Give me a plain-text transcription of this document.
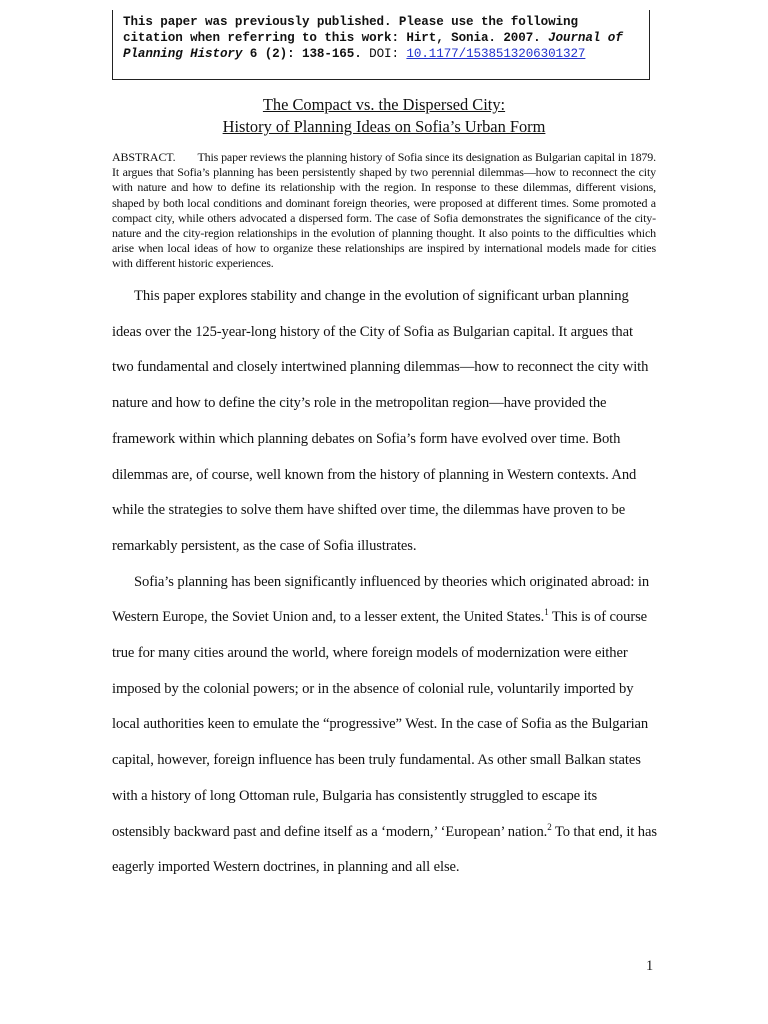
This paper was previously published. Please use the following
citation when referring to this work: Hirt, Sonia. 2007. Journal of
Planning History 6 (2): 138-165. DOI: 10.1177/1538513206301327
The Compact vs. the Dispersed City:
History of Planning Ideas on Sofia’s Urban Form
ABSTRACT. This paper reviews the planning history of Sofia since its designation as Bulgarian capital in 1879. It argues that Sofia’s planning has been persistently shaped by two perennial dilemmas—how to reconnect the city with nature and how to define its relationship with the region. In response to these dilemmas, different visions, shaped by both local conditions and dominant foreign theories, were proposed at different times. Some promoted a compact city, while others advocated a dispersed form. The case of Sofia demonstrates the significance of the city-nature and the city-region relationships in the evolution of planning thought. It also points to the difficulties which arise when local ideas of how to organize these relationships are inspired by international models made for cities with different historic experiences.

This paper explores stability and change in the evolution of significant urban planning ideas over the 125-year-long history of the City of Sofia as Bulgarian capital. It argues that two fundamental and closely intertwined planning dilemmas—how to reconnect the city with nature and how to define the city’s role in the metropolitan region—have provided the framework within which planning debates on Sofia’s form have evolved over time. Both dilemmas are, of course, well known from the history of planning in Western contexts. And while the strategies to solve them have shifted over time, the dilemmas have proven to be remarkably persistent, as the case of Sofia illustrates.

Sofia’s planning has been significantly influenced by theories which originated abroad: in Western Europe, the Soviet Union and, to a lesser extent, the United States.$^1$ This is of course true for many cities around the world, where foreign models of modernization were either imposed by the colonial powers; or in the absence of colonial rule, voluntarily imported by local authorities keen to emulate the “progressive” West. In the case of Sofia as the Bulgarian capital, however, foreign influence has been truly fundamental. As other small Balkan states with a history of long Ottoman rule, Bulgaria has consistently struggled to escape its ostensibly backward past and define itself as a ‘modern,’ ‘European’ nation.$^2$ To that end, it has eagerly imported Western doctrines, in planning and all else.

1
